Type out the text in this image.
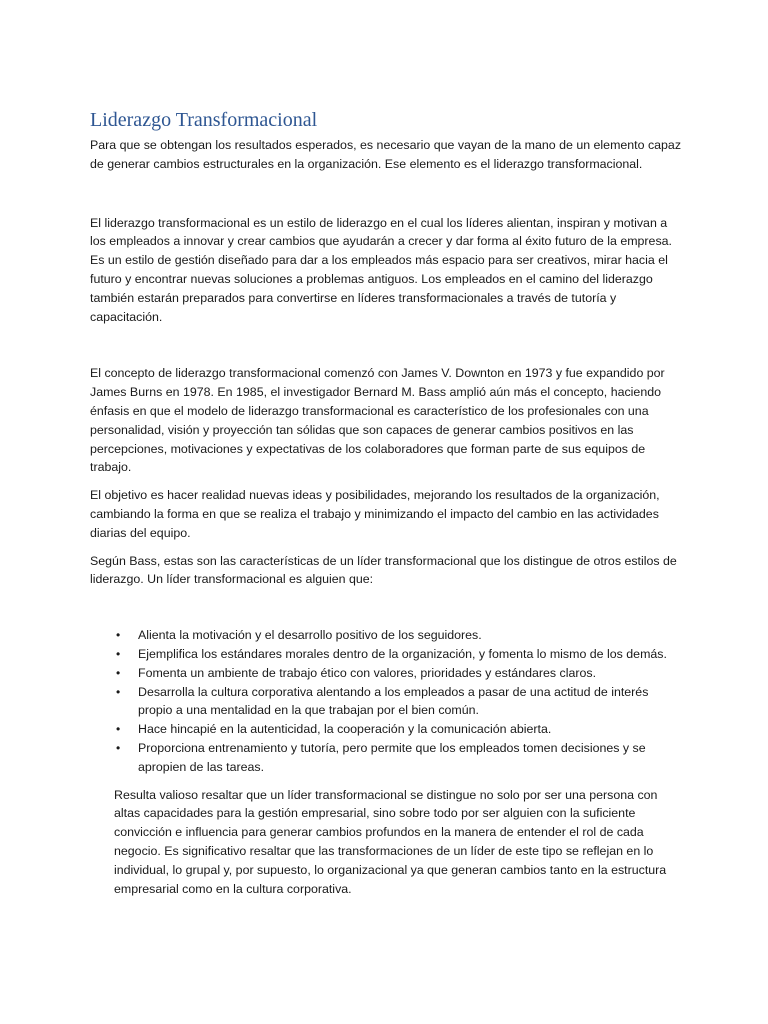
Liderazgo Transformacional

Para que se obtengan los resultados esperados, es necesario que vayan de la mano de un elemento capaz de generar cambios estructurales en la organización. Ese elemento es el liderazgo transformacional.

El liderazgo transformacional es un estilo de liderazgo en el cual los líderes alientan, inspiran y motivan a los empleados a innovar y crear cambios que ayudarán a crecer y dar forma al éxito futuro de la empresa. Es un estilo de gestión diseñado para dar a los empleados más espacio para ser creativos, mirar hacia el futuro y encontrar nuevas soluciones a problemas antiguos. Los empleados en el camino del liderazgo también estarán preparados para convertirse en líderes transformacionales a través de tutoría y capacitación.

El concepto de liderazgo transformacional comenzó con James V. Downton en 1973 y fue expandido por James Burns en 1978. En 1985, el investigador Bernard M. Bass amplió aún más el concepto, haciendo énfasis en que el modelo de liderazgo transformacional es característico de los profesionales con una personalidad, visión y proyección tan sólidas que son capaces de generar cambios positivos en las percepciones, motivaciones y expectativas de los colaboradores que forman parte de sus equipos de trabajo.

El objetivo es hacer realidad nuevas ideas y posibilidades, mejorando los resultados de la organización, cambiando la forma en que se realiza el trabajo y minimizando el impacto del cambio en las actividades diarias del equipo.

Según Bass, estas son las características de un líder transformacional que los distingue de otros estilos de liderazgo. Un líder transformacional es alguien que:

• Alienta la motivación y el desarrollo positivo de los seguidores.
• Ejemplifica los estándares morales dentro de la organización, y fomenta lo mismo de los demás.
• Fomenta un ambiente de trabajo ético con valores, prioridades y estándares claros.
• Desarrolla la cultura corporativa alentando a los empleados a pasar de una actitud de interés propio a una mentalidad en la que trabajan por el bien común.
• Hace hincapié en la autenticidad, la cooperación y la comunicación abierta.
• Proporciona entrenamiento y tutoría, pero permite que los empleados tomen decisiones y se apropien de las tareas.

Resulta valioso resaltar que un líder transformacional se distingue no solo por ser una persona con altas capacidades para la gestión empresarial, sino sobre todo por ser alguien con la suficiente convicción e influencia para generar cambios profundos en la manera de entender el rol de cada negocio. Es significativo resaltar que las transformaciones de un líder de este tipo se reflejan en lo individual, lo grupal y, por supuesto, lo organizacional ya que generan cambios tanto en la estructura empresarial como en la cultura corporativa.
